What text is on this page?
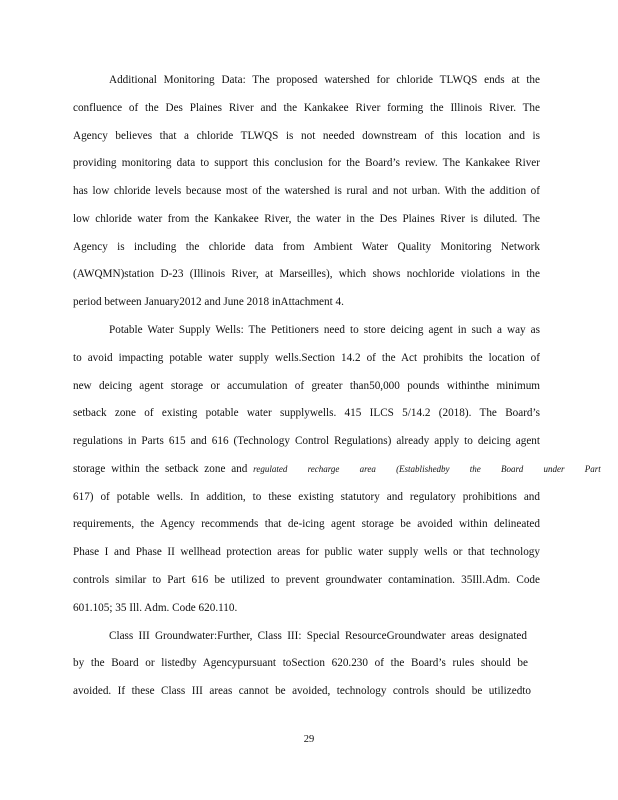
Additional Monitoring Data: The proposed watershed for chloride TLWQS ends at the
confluence of the Des Plaines River and the Kankakee River forming the Illinois River. The
Agency believes that a chloride TLWQS is not needed downstream of this location and is
providing monitoring data to support this conclusion for the Board’s review. The Kankakee River
has low chloride levels because most of the watershed is rural and not urban. With the addition of
low chloride water from the Kankakee River, the water in the Des Plaines River is diluted. The
Agency is including the chloride data from Ambient Water Quality Monitoring Network
(AWQMN)station D-23 (Illinois River, at Marseilles), which shows nochloride violations in the
period between January2012 and June 2018 inAttachment 4.
Potable Water Supply Wells: The Petitioners need to store deicing agent in such a way as
to avoid impacting potable water supply wells.Section 14.2 of the Act prohibits the location of
new deicing agent storage or accumulation of greater than50,000 pounds withinthe minimum
setback zone of existing potable water supplywells. 415 ILCS 5/14.2 (2018). The Board’s
regulations in Parts 615 and 616 (Technology Control Regulations) already apply to deicing agent
storage within the setback zone and regulated recharge area (Establishedby the Board under Part
617) of potable wells. In addition, to these existing statutory and regulatory prohibitions and
requirements, the Agency recommends that de-icing agent storage be avoided within delineated
Phase I and Phase II wellhead protection areas for public water supply wells or that technology
controls similar to Part 616 be utilized to prevent groundwater contamination. 35Ill.Adm. Code
601.105; 35 Ill. Adm. Code 620.110.
Class III Groundwater:Further, Class III: Special ResourceGroundwater areas designated
by the Board or listedby Agencypursuant toSection 620.230 of the Board’s rules should be
avoided. If these Class III areas cannot be avoided, technology controls should be utilizedto
29
